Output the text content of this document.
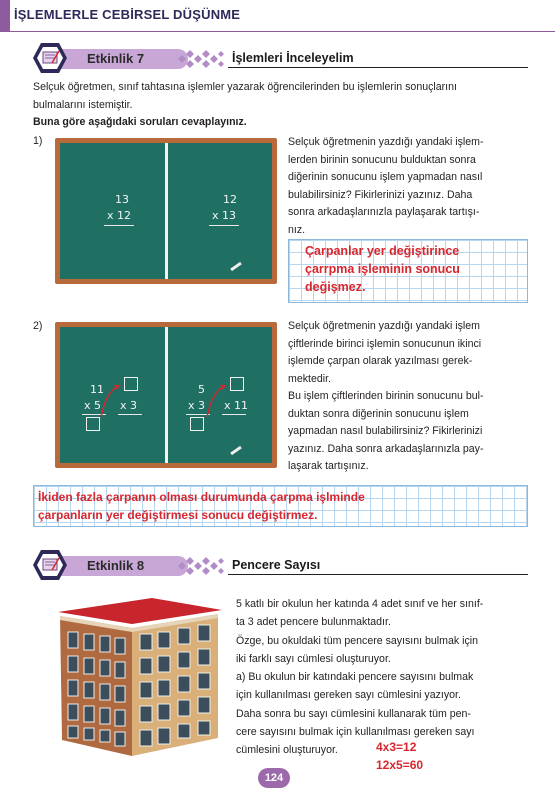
İŞLEMLERLE CEBİRSEL DÜŞÜNME
Etkinlik 7	İşlemleri İnceleyelim
Selçuk öğretmen, sınıf tahtasına işlemler yazarak öğrencilerinden bu işlemlerin sonuçlarını
bulmalarını istemiştir.
Buna göre aşağıdaki soruları cevaplayınız.
1)
13
x 12
12
x 13
Selçuk öğretmenin yazdığı yandaki işlem-
lerden birinin sonucunu bulduktan sonra
diğerinin sonucunu işlem yapmadan nasıl
bulabilirsiniz? Fikirlerinizi yazınız. Daha
sonra arkadaşlarınızla paylaşarak tartışı-
nız.
Çarpanlar yer değiştirince
çarrpma işleminin sonucu
değişmez.
2)
11
x 5 x 3
5
x 3 x 11
Selçuk öğretmenin yazdığı yandaki işlem
çiftlerinde birinci işlemin sonucunun ikinci
işlemde çarpan olarak yazılması gerek-
mektedir.
Bu işlem çiftlerinden birinin sonucunu bul-
duktan sonra diğerinin sonucunu işlem
yapmadan nasıl bulabilirsiniz? Fikirlerinizi
yazınız. Daha sonra arkadaşlarınızla pay-
laşarak tartışınız.
İkiden fazla çarpanın olması durumunda çarpma işlminde
çarpanların yer değiştirmesi sonucu değiştirmez.
Etkinlik 8	Pencere Sayısı
5 katlı bir okulun her katında 4 adet sınıf ve her sınıf-
ta 3 adet pencere bulunmaktadır.
Özge, bu okuldaki tüm pencere sayısını bulmak için
iki farklı sayı cümlesi oluşturuyor.
a) Bu okulun bir katındaki pencere sayısını bulmak
için kullanılması gereken sayı cümlesini yazıyor.
Daha sonra bu sayı cümlesini kullanarak tüm pen-
cere sayısını bulmak için kullanılması gereken sayı
cümlesini oluşturuyor.	4x3=12
12x5=60
124
